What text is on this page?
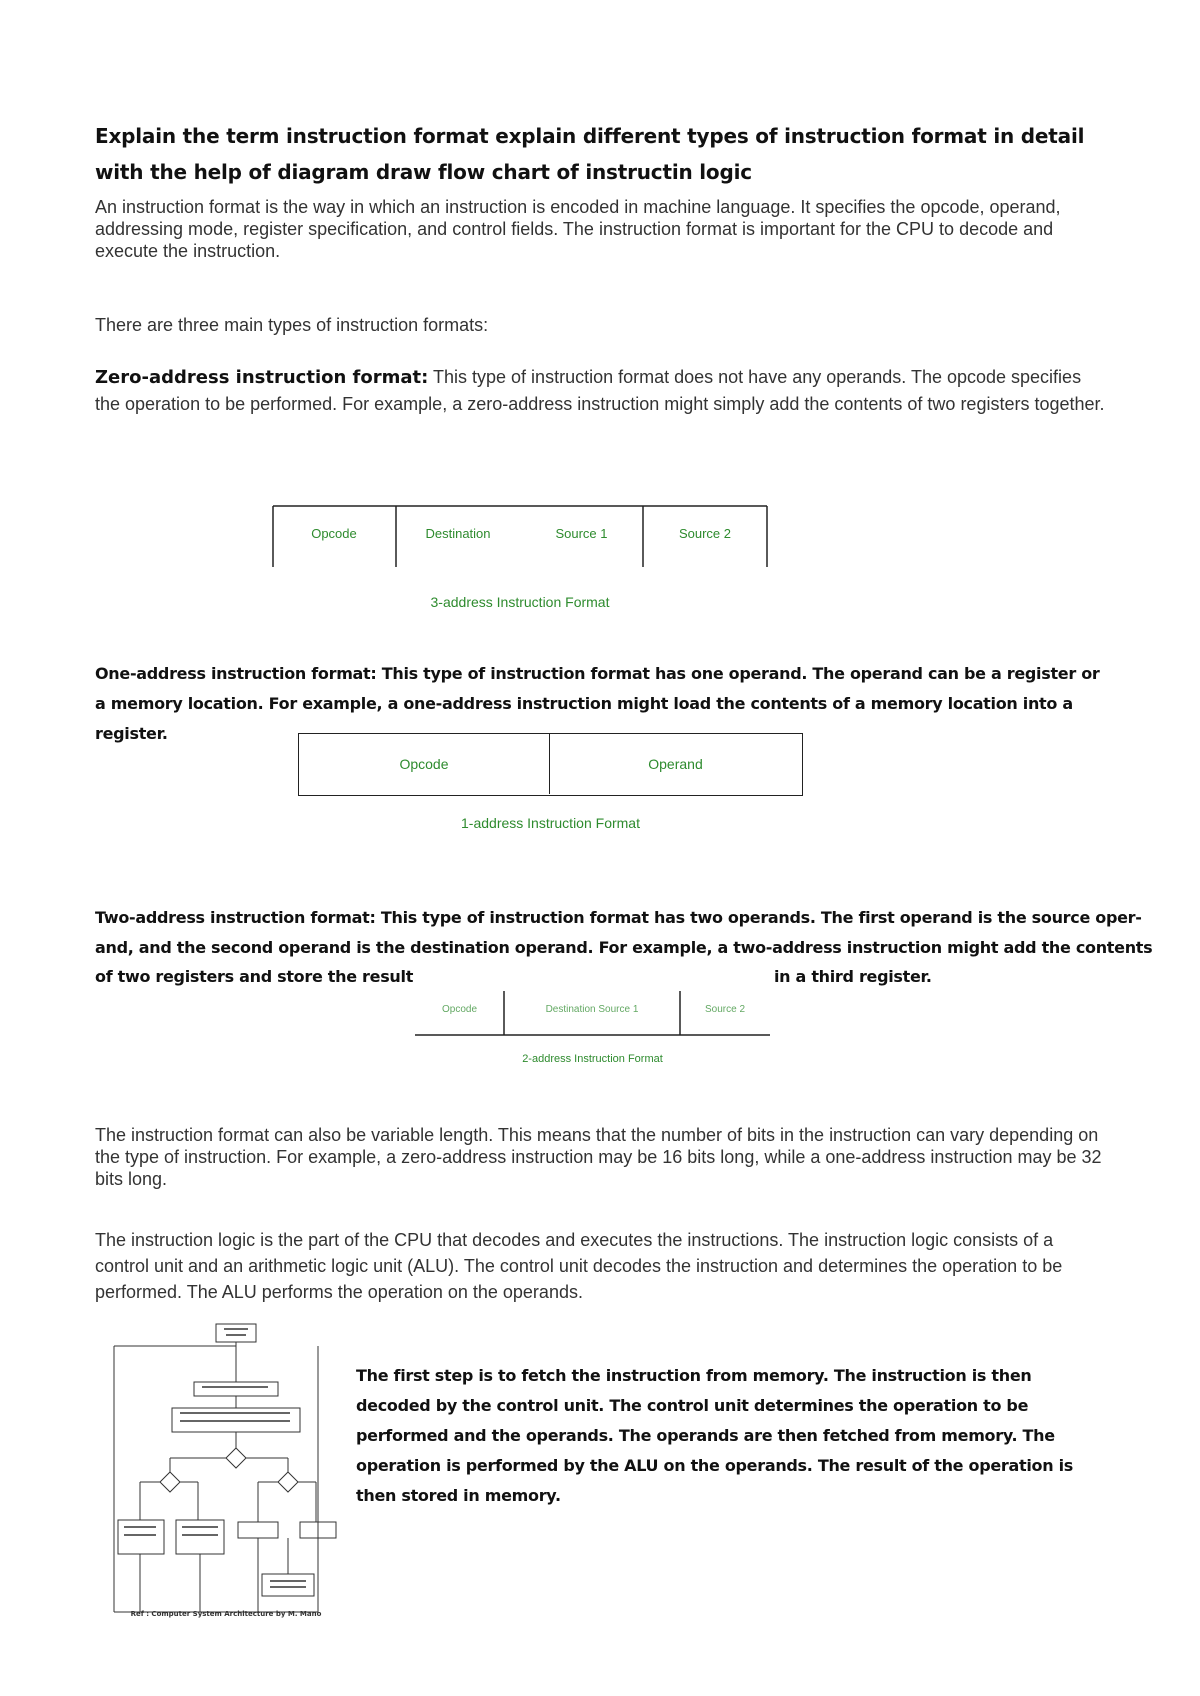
Explain the term instruction format explain different types of instruction format in detail with the help of diagram draw flow chart of instructin logic
An instruction format is the way in which an instruction is encoded in machine language. It specifies the opcode, operand, addressing mode, register specification, and control fields. The instruction format is important for the CPU to decode and execute the instruction.
There are three main types of instruction formats:
Zero-address instruction format: This type of instruction format does not have any operands. The opcode specifies the operation to be performed. For example, a zero-address instruction might simply add the contents of two registers together.
Opcode	Destination	Source 1	Source 2
3-address Instruction Format
One-address instruction format: This type of instruction format has one operand. The operand can be a register or a memory location. For example, a one-address instruction might load the contents of a memory location into a register.
Opcode	Operand
1-address Instruction Format
Two-address instruction format: This type of instruction format has two operands. The first operand is the source oper-
and, and the second operand is the destination operand. For example, a two-address instruction might add the contents
of two registers and store the result	in a third register.
Opcode	Destination Source 1	Source 2
2-address Instruction Format
The instruction format can also be variable length. This means that the number of bits in the instruction can vary depending on the type of instruction. For example, a zero-address instruction may be 16 bits long, while a one-address instruction may be 32 bits long.
The instruction logic is the part of the CPU that decodes and executes the instructions. The instruction logic consists of a control unit and an arithmetic logic unit (ALU). The control unit decodes the instruction and determines the operation to be performed. The ALU performs the operation on the operands.
Ref : Computer System Architecture by M. Mano
The first step is to fetch the instruction from memory. The instruction is then decoded by the control unit. The control unit determines the operation to be performed and the operands. The operands are then fetched from memory. The operation is performed by the ALU on the operands. The result of the operation is then stored in memory.
